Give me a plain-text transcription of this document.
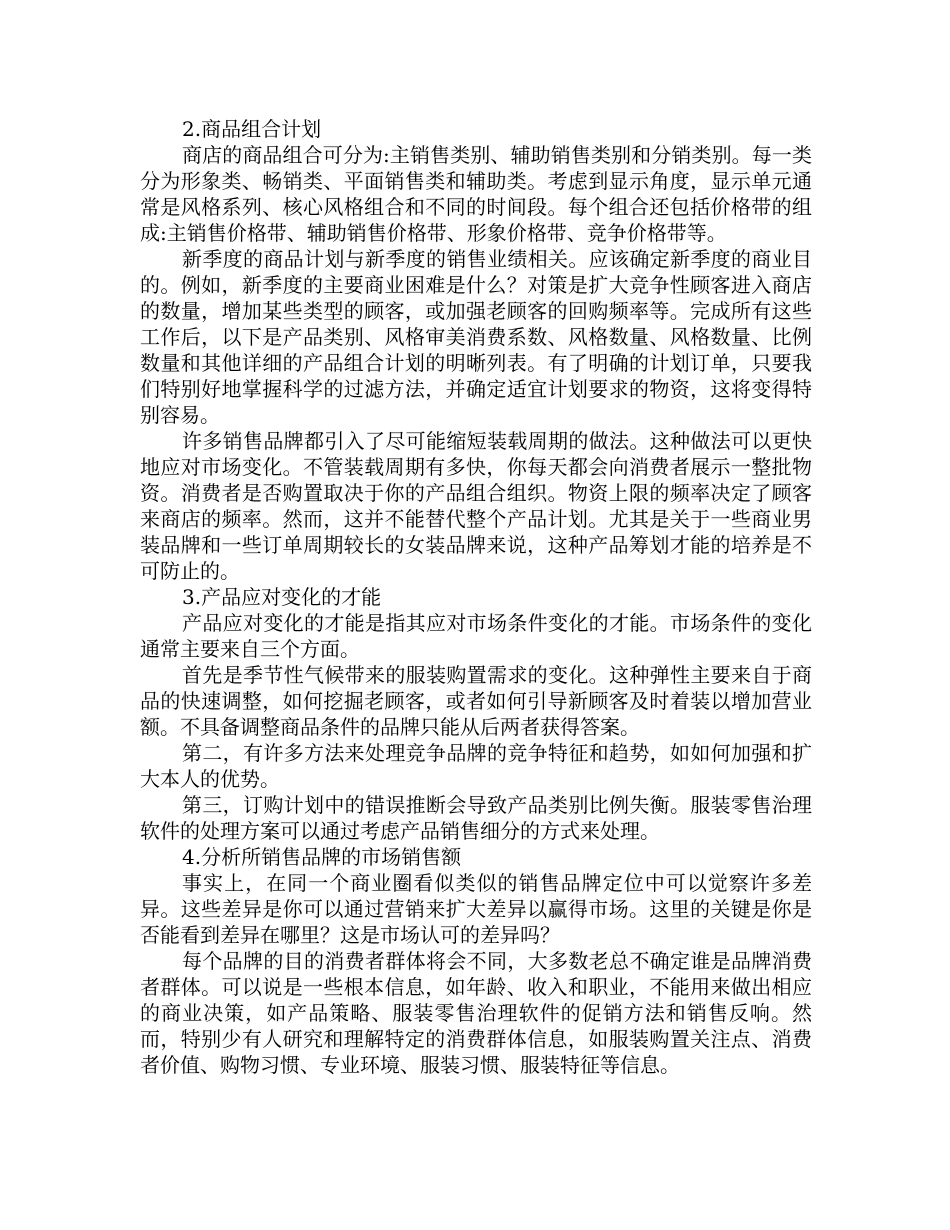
2.商品组合计划

商店的商品组合可分为:主销售类别、辅助销售类别和分销类别。每一类分为形象类、畅销类、平面销售类和辅助类。考虑到显示角度，显示单元通常是风格系列、核心风格组合和不同的时间段。每个组合还包括价格带的组成:主销售价格带、辅助销售价格带、形象价格带、竞争价格带等。

新季度的商品计划与新季度的销售业绩相关。应该确定新季度的商业目的。例如，新季度的主要商业困难是什么？对策是扩大竞争性顾客进入商店的数量，增加某些类型的顾客，或加强老顾客的回购频率等。完成所有这些工作后，以下是产品类别、风格审美消费系数、风格数量、风格数量、比例数量和其他详细的产品组合计划的明晰列表。有了明确的计划订单，只要我们特别好地掌握科学的过滤方法，并确定适宜计划要求的物资，这将变得特别容易。

许多销售品牌都引入了尽可能缩短装载周期的做法。这种做法可以更快地应对市场变化。不管装载周期有多快，你每天都会向消费者展示一整批物资。消费者是否购置取决于你的产品组合组织。物资上限的频率决定了顾客来商店的频率。然而，这并不能替代整个产品计划。尤其是关于一些商业男装品牌和一些订单周期较长的女装品牌来说，这种产品筹划才能的培养是不可防止的。

3.产品应对变化的才能

产品应对变化的才能是指其应对市场条件变化的才能。市场条件的变化通常主要来自三个方面。

首先是季节性气候带来的服装购置需求的变化。这种弹性主要来自于商品的快速调整，如何挖掘老顾客，或者如何引导新顾客及时着装以增加营业额。不具备调整商品条件的品牌只能从后两者获得答案。

第二，有许多方法来处理竞争品牌的竞争特征和趋势，如如何加强和扩大本人的优势。

第三，订购计划中的错误推断会导致产品类别比例失衡。服装零售治理软件的处理方案可以通过考虑产品销售细分的方式来处理。

4.分析所销售品牌的市场销售额

事实上，在同一个商业圈看似类似的销售品牌定位中可以觉察许多差异。这些差异是你可以通过营销来扩大差异以赢得市场。这里的关键是你是否能看到差异在哪里？这是市场认可的差异吗？

每个品牌的目的消费者群体将会不同，大多数老总不确定谁是品牌消费者群体。可以说是一些根本信息，如年龄、收入和职业，不能用来做出相应的商业决策，如产品策略、服装零售治理软件的促销方法和销售反响。然而，特别少有人研究和理解特定的消费群体信息，如服装购置关注点、消费者价值、购物习惯、专业环境、服装习惯、服装特征等信息。
